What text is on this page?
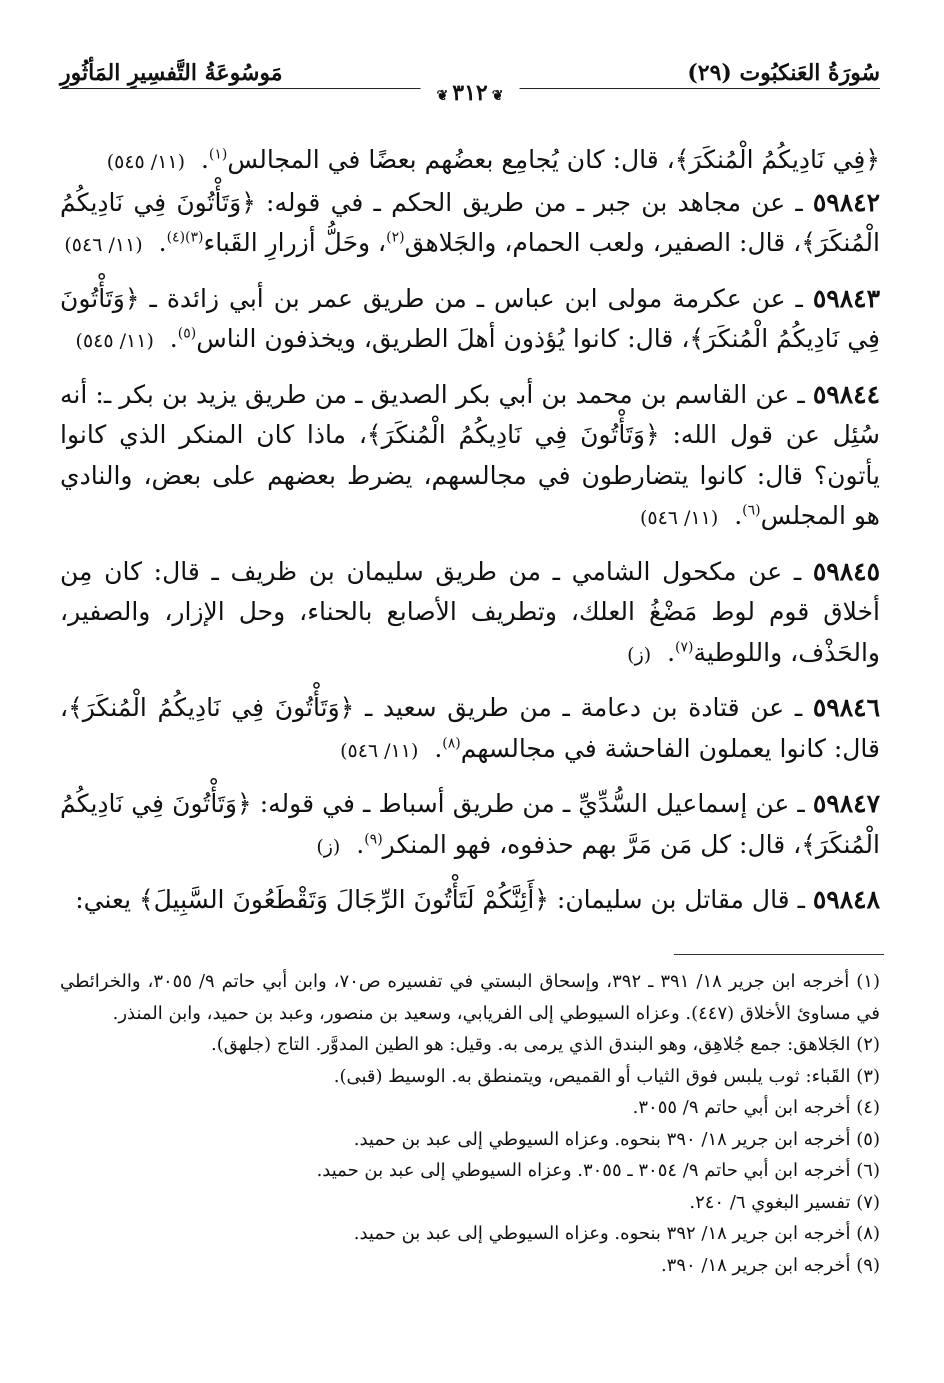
سُورَةُ العَنكبُوت (٢٩)
مَوسُوعَةُ التَّفسِيرِ المَأثُورِ
❦٣١٢❦

﴿فِي نَادِيكُمُ الْمُنكَرَ﴾، قال: كان يُجامِع بعضُهم بعضًا في المجالس$^{(١)}$.  (١١/ ٥٤٥)

٥٩٨٤٢ ـ عن مجاهد بن جبر ـ من طريق الحكم ـ في قوله: ﴿وَتَأْتُونَ فِي نَادِيكُمُ الْمُنكَرَ﴾، قال: الصفير، ولعب الحمام، والجَلاهق$^{(٢)}$، وحَلُّ أزرارِ القَباء$^{(٣)(٤)}$.  (١١/ ٥٤٦)

٥٩٨٤٣ ـ عن عكرمة مولى ابن عباس ـ من طريق عمر بن أبي زائدة ـ ﴿وَتَأْتُونَ فِي نَادِيكُمُ الْمُنكَرَ﴾، قال: كانوا يُؤذون أهلَ الطريق، ويخذفون الناس$^{(٥)}$.  (١١/ ٥٤٥)

٥٩٨٤٤ ـ عن القاسم بن محمد بن أبي بكر الصديق ـ من طريق يزيد بن بكر ـ: أنه سُئِل عن قول الله: ﴿وَتَأْتُونَ فِي نَادِيكُمُ الْمُنكَرَ﴾، ماذا كان المنكر الذي كانوا يأتون؟ قال: كانوا يتضارطون في مجالسهم، يضرط بعضهم على بعض، والنادي هو المجلس$^{(٦)}$.  (١١/ ٥٤٦)

٥٩٨٤٥ ـ عن مكحول الشامي ـ من طريق سليمان بن ظريف ـ قال: كان مِن أخلاق قوم لوط مَضْغُ العلك، وتطريف الأصابع بالحناء، وحل الإزار، والصفير، والحَذْف، واللوطية$^{(٧)}$.  (ز)

٥٩٨٤٦ ـ عن قتادة بن دعامة ـ من طريق سعيد ـ ﴿وَتَأْتُونَ فِي نَادِيكُمُ الْمُنكَرَ﴾، قال: كانوا يعملون الفاحشة في مجالسهم$^{(٨)}$.  (١١/ ٥٤٦)

٥٩٨٤٧ ـ عن إسماعيل السُّدِّيِّ ـ من طريق أسباط ـ في قوله: ﴿وَتَأْتُونَ فِي نَادِيكُمُ الْمُنكَرَ﴾، قال: كل مَن مَرَّ بهم حذفوه، فهو المنكر$^{(٩)}$.  (ز)

٥٩٨٤٨ ـ قال مقاتل بن سليمان: ﴿أَئِنَّكُمْ لَتَأْتُونَ الرِّجَالَ وَتَقْطَعُونَ السَّبِيلَ﴾ يعني:

(١) أخرجه ابن جرير ١٨/ ٣٩١ ـ ٣٩٢، وإسحاق البستي في تفسيره ص٧٠، وابن أبي حاتم ٩/ ٣٠٥٥، والخرائطي في مساوئ الأخلاق (٤٤٧). وعزاه السيوطي إلى الفريابي، وسعيد بن منصور، وعبد بن حميد، وابن المنذر.

(٢) الجَلاهق: جمع جُلاهِق، وهو البندق الذي يرمى به. وقيل: هو الطين المدوَّر. التاج (جلهق).

(٣) القَباء: ثوب يلبس فوق الثياب أو القميص، ويتمنطق به. الوسيط (قبى).

(٤) أخرجه ابن أبي حاتم ٩/ ٣٠٥٥.

(٥) أخرجه ابن جرير ١٨/ ٣٩٠ بنحوه. وعزاه السيوطي إلى عبد بن حميد.

(٦) أخرجه ابن أبي حاتم ٩/ ٣٠٥٤ ـ ٣٠٥٥. وعزاه السيوطي إلى عبد بن حميد.

(٧) تفسير البغوي ٦/ ٢٤٠.

(٨) أخرجه ابن جرير ١٨/ ٣٩٢ بنحوه. وعزاه السيوطي إلى عبد بن حميد.

(٩) أخرجه ابن جرير ١٨/ ٣٩٠.
